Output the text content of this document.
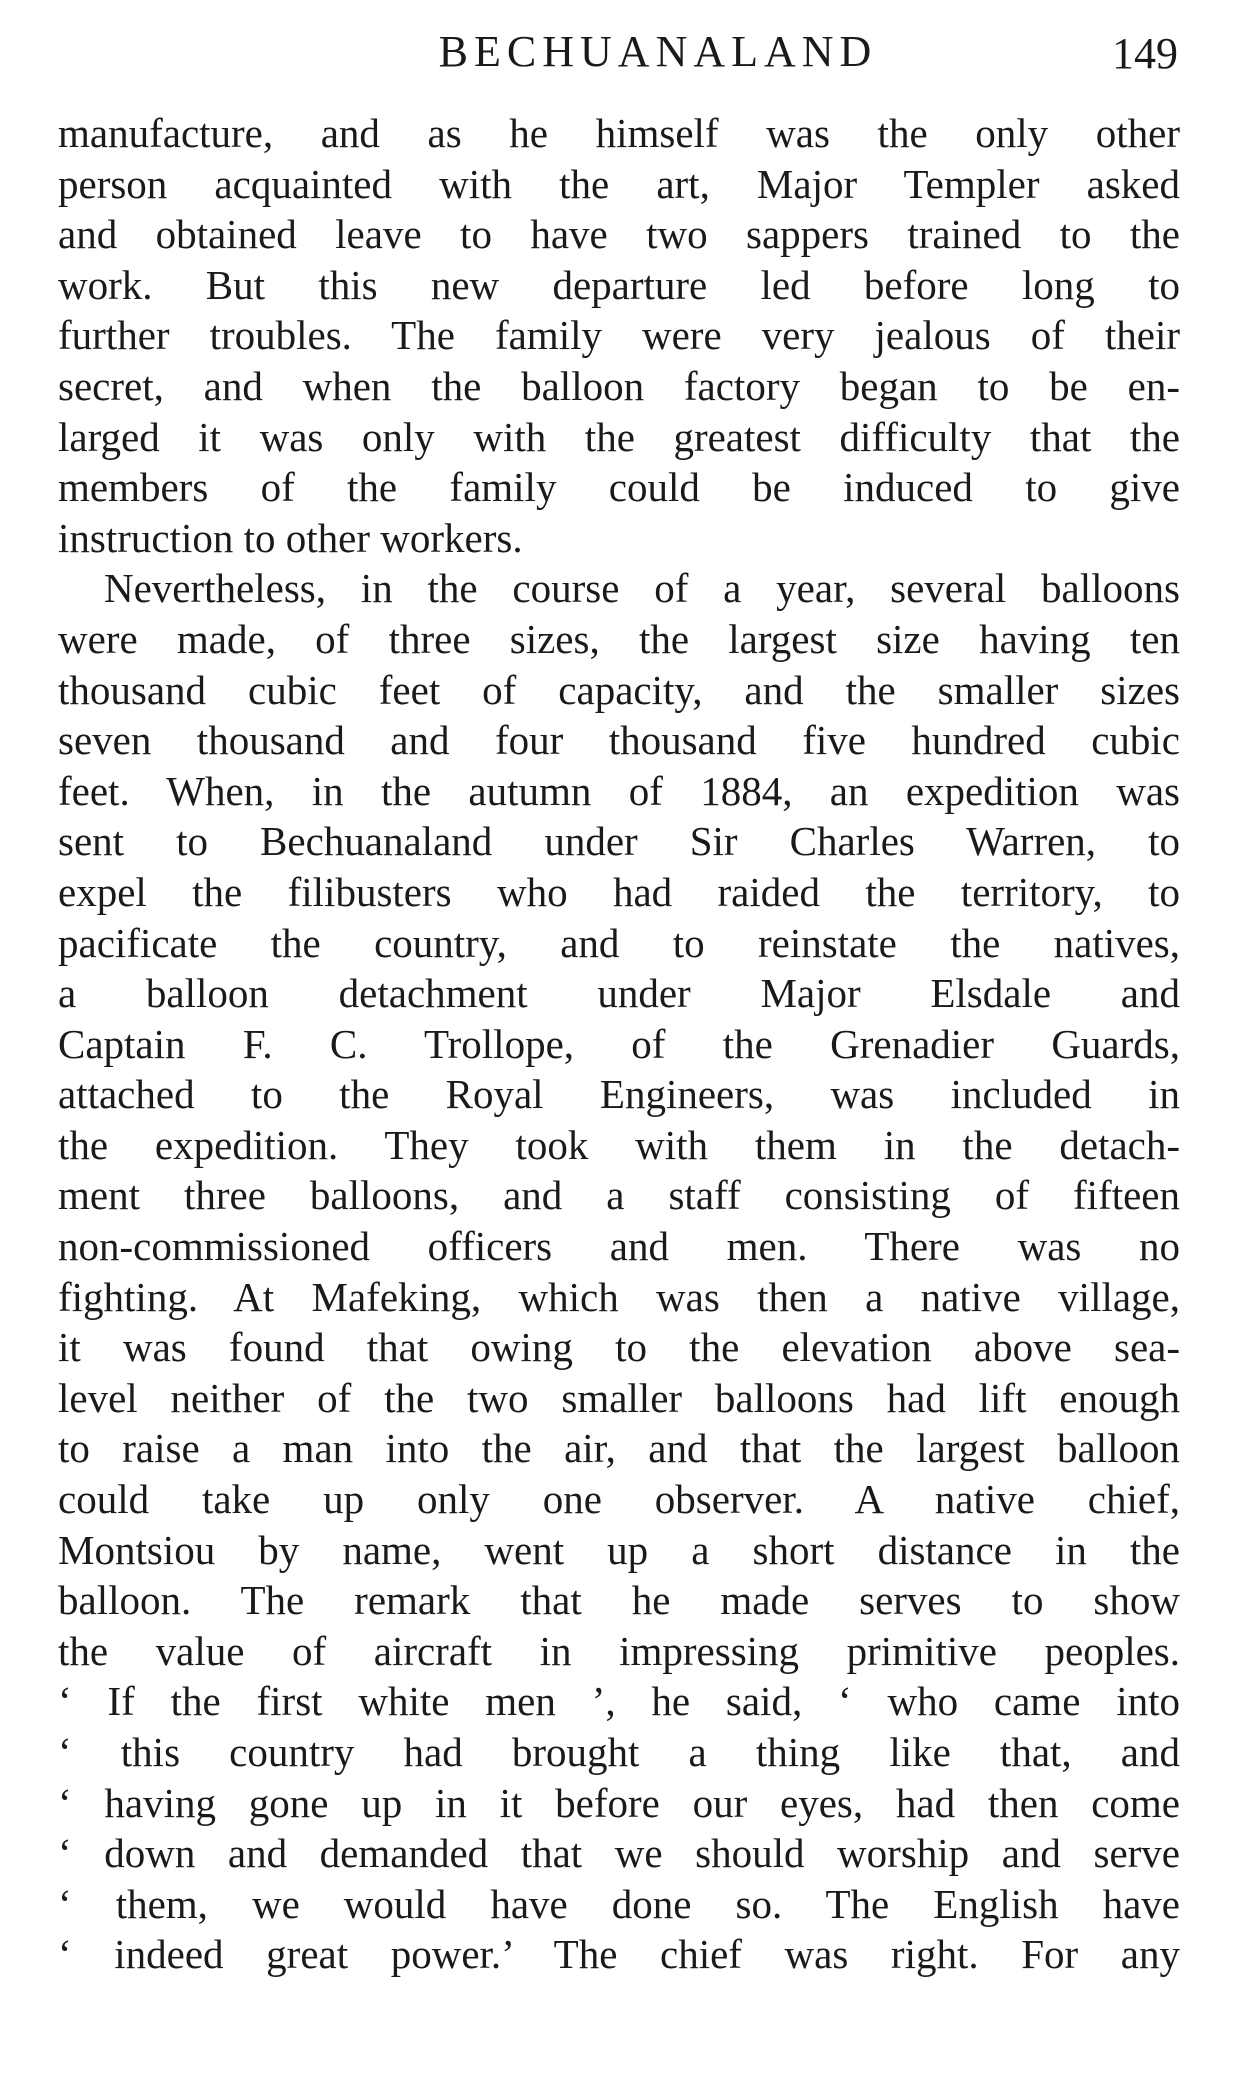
BECHUANALAND	149
manufacture, and as he himself was the only other
person acquainted with the art, Major Templer asked
and obtained leave to have two sappers trained to the
work. But this new departure led before long to
further troubles. The family were very jealous of their
secret, and when the balloon factory began to be en-
larged it was only with the greatest difficulty that the
members of the family could be induced to give
instruction to other workers.
Nevertheless, in the course of a year, several balloons
were made, of three sizes, the largest size having ten
thousand cubic feet of capacity, and the smaller sizes
seven thousand and four thousand five hundred cubic
feet. When, in the autumn of 1884, an expedition was
sent to Bechuanaland under Sir Charles Warren, to
expel the filibusters who had raided the territory, to
pacificate the country, and to reinstate the natives,
a balloon detachment under Major Elsdale and
Captain F. C. Trollope, of the Grenadier Guards,
attached to the Royal Engineers, was included in
the expedition. They took with them in the detach-
ment three balloons, and a staff consisting of fifteen
non-commissioned officers and men. There was no
fighting. At Mafeking, which was then a native village,
it was found that owing to the elevation above sea-
level neither of the two smaller balloons had lift enough
to raise a man into the air, and that the largest balloon
could take up only one observer. A native chief,
Montsiou by name, went up a short distance in the
balloon. The remark that he made serves to show
the value of aircraft in impressing primitive peoples.
‘ If the first white men ’, he said, ‘ who came into
‘ this country had brought a thing like that, and
‘ having gone up in it before our eyes, had then come
‘ down and demanded that we should worship and serve
‘ them, we would have done so. The English have
‘ indeed great power.’ The chief was right. For any
